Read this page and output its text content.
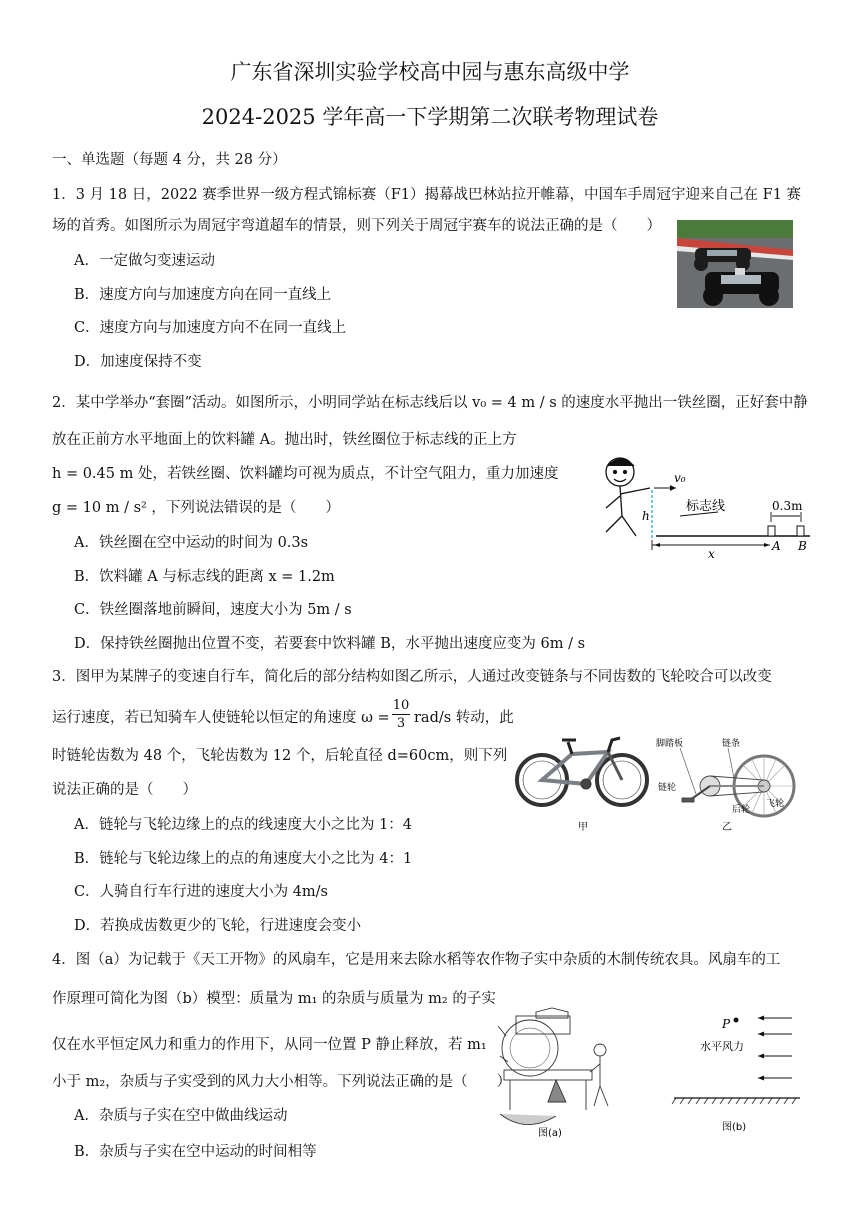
广东省深圳实验学校高中园与惠东高级中学
2024-2025 学年高一下学期第二次联考物理试卷
一、单选题（每题 4 分，共 28 分）
1．3 月 18 日，2022 赛季世界一级方程式锦标赛（F1）揭幕战巴林站拉开帷幕，中国车手周冠宇迎来自己在 F1 赛
场的首秀。如图所示为周冠宇弯道超车的情景，则下列关于周冠宇赛车的说法正确的是（　　）
A．一定做匀变速运动
B．速度方向与加速度方向在同一直线上
C．速度方向与加速度方向不在同一直线上
D．加速度保持不变
2．某中学举办“套圈”活动。如图所示，小明同学站在标志线后以 v₀ = 4 m / s 的速度水平抛出一铁丝圈，正好套中静
放在正前方水平地面上的饮料罐 A。抛出时，铁丝圈位于标志线的正上方
h = 0.45 m 处，若铁丝圈、饮料罐均可视为质点，不计空气阻力，重力加速度
g = 10 m / s² ，下列说法错误的是（　　）
A．铁丝圈在空中运动的时间为 0.3s
B．饮料罐 A 与标志线的距离 x = 1.2m
C．铁丝圈落地前瞬间，速度大小为 5m / s
D．保持铁丝圈抛出位置不变，若要套中饮料罐 B，水平抛出速度应变为 6m / s
v₀
h
标志线	0.3m
x
A B
3．图甲为某牌子的变速自行车，简化后的部分结构如图乙所示，人通过改变链条与不同齿数的飞轮咬合可以改变
运行速度，若已知骑车人使链轮以恒定的角速度 $\omega = \frac{10}{3} rad/s$ 转动，此
时链轮齿数为 48 个，飞轮齿数为 12 个，后轮直径 d=60cm，则下列
说法正确的是（　　）
A．链轮与飞轮边缘上的点的线速度大小之比为 1：4
B．链轮与飞轮边缘上的点的角速度大小之比为 4：1
C．人骑自行车行进的速度大小为 4m/s
D．若换成齿数更少的飞轮，行进速度会变小
甲
脚踏板	链条
链轮
后轮
飞轮
乙
4．图（a）为记载于《天工开物》的风扇车，它是用来去除水稻等农作物子实中杂质的木制传统农具。风扇车的工
作原理可简化为图（b）模型：质量为 m₁ 的杂质与质量为 m₂ 的子实
仅在水平恒定风力和重力的作用下，从同一位置 P 静止释放，若 m₁
小于 m₂，杂质与子实受到的风力大小相等。下列说法正确的是（　　）
A．杂质与子实在空中做曲线运动
B．杂质与子实在空中运动的时间相等
图(a)
P
水平风力
图(b)
